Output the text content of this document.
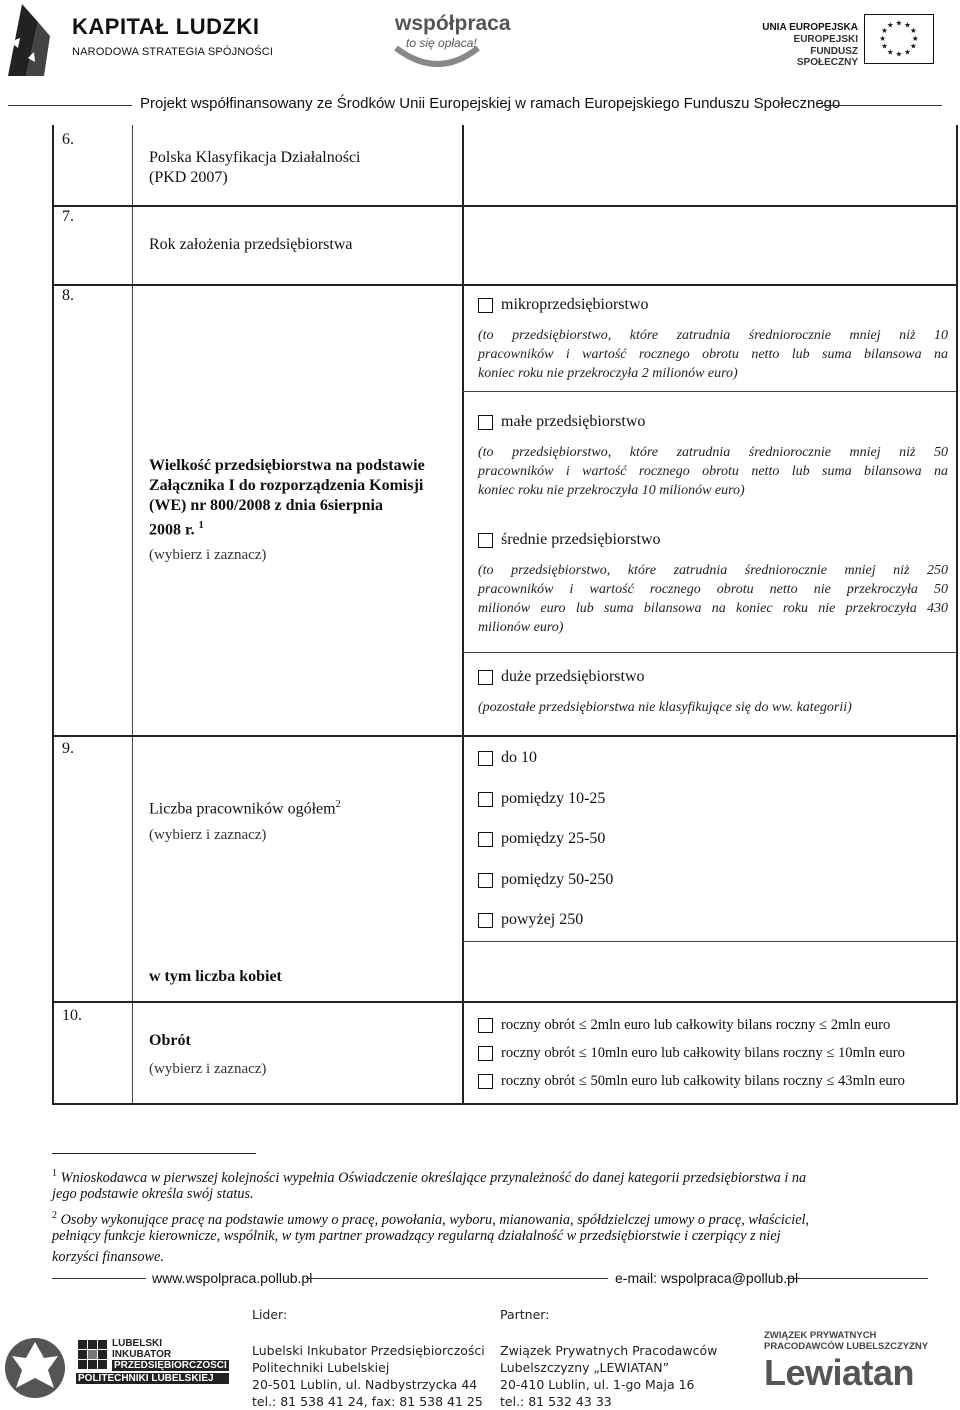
KAPITAŁ LUDZKI
NARODOWA STRATEGIA SPÓJNOŚCI
współpraca
to się opłaca!
UNIA EUROPEJSKA
EUROPEJSKI
FUNDUSZ SPOŁECZNY
★ ★
★
★
★
★
★
★
★
★
★
★
Projekt współfinansowany ze Środków Unii Europejskiej w ramach Europejskiego Funduszu Społecznego
6.
Polska Klasyfikacja Działalności
(PKD 2007)
7.
Rok założenia przedsiębiorstwa
8.
Wielkość przedsiębiorstwa na podstawie
Załącznika I do rozporządzenia Komisji
(WE) nr 800/2008 z dnia 6sierpnia
2008 r. $^1$
(wybierz i zaznacz)
mikroprzedsiębiorstwo
(to przedsiębiorstwo, które zatrudnia średniorocznie mniej niż 10
pracowników i wartość rocznego obrotu netto lub suma bilansowa na
koniec roku nie przekroczyła 2 milionów euro)
małe przedsiębiorstwo
(to przedsiębiorstwo, które zatrudnia średniorocznie mniej niż 50
pracowników i wartość rocznego obrotu netto lub suma bilansowa na
koniec roku nie przekroczyła 10 milionów euro)
średnie przedsiębiorstwo
(to przedsiębiorstwo, które zatrudnia średniorocznie mniej niż 250
pracowników i wartość rocznego obrotu netto nie przekroczyła 50
milionów euro lub suma bilansowa na koniec roku nie przekroczyła 430
milionów euro)
duże przedsiębiorstwo
(pozostałe przedsiębiorstwa nie klasyfikujące się do ww. kategorii)
9.
Liczba pracowników ogółem$^2$
(wybierz i zaznacz)
w tym liczba kobiet
do 10
pomiędzy 10-25
pomiędzy 25-50
pomiędzy 50-250
powyżej 250
10.
Obrót
(wybierz i zaznacz)
roczny obrót ≤ 2mln euro lub całkowity bilans roczny ≤ 2mln euro
roczny obrót ≤ 10mln euro lub całkowity bilans roczny ≤ 10mln euro
roczny obrót ≤ 50mln euro lub całkowity bilans roczny ≤ 43mln euro
$^1$ Wnioskodawca w pierwszej kolejności wypełnia Oświadczenie określające przynależność do danej kategorii przedsiębiorstwa i na
jego podstawie określa swój status.
$^2$ Osoby wykonujące pracę na podstawie umowy o pracę, powołania, wyboru, mianowania, spółdzielczej umowy o pracę, właściciel,
pełniący funkcje kierownicze, wspólnik, w tym partner prowadzący regularną działalność w przedsiębiorstwie i czerpiący z niej
korzyści finansowe.
www.wspolpraca.pollub.pl	e-mail: wspolpraca@pollub.pl
LUBELSKI
INKUBATOR
PRZEDSIĘBIORCZOŚCI
POLITECHNIKI LUBELSKIEJ
Lider:
Lubelski Inkubator Przedsiębiorczości
Politechniki Lubelskiej
20-501 Lublin, ul. Nadbystrzycka 44
tel.: 81 538 41 24, fax: 81 538 41 25
Partner:
Związek Prywatnych Pracodawców
Lubelszczyzny „LEWIATAN”
20-410 Lublin, ul. 1-go Maja 16
tel.: 81 532 43 33
ZWIĄZEK PRYWATNYCH
PRACODAWCÓW LUBELSZCZYZNY
Lewiatan
